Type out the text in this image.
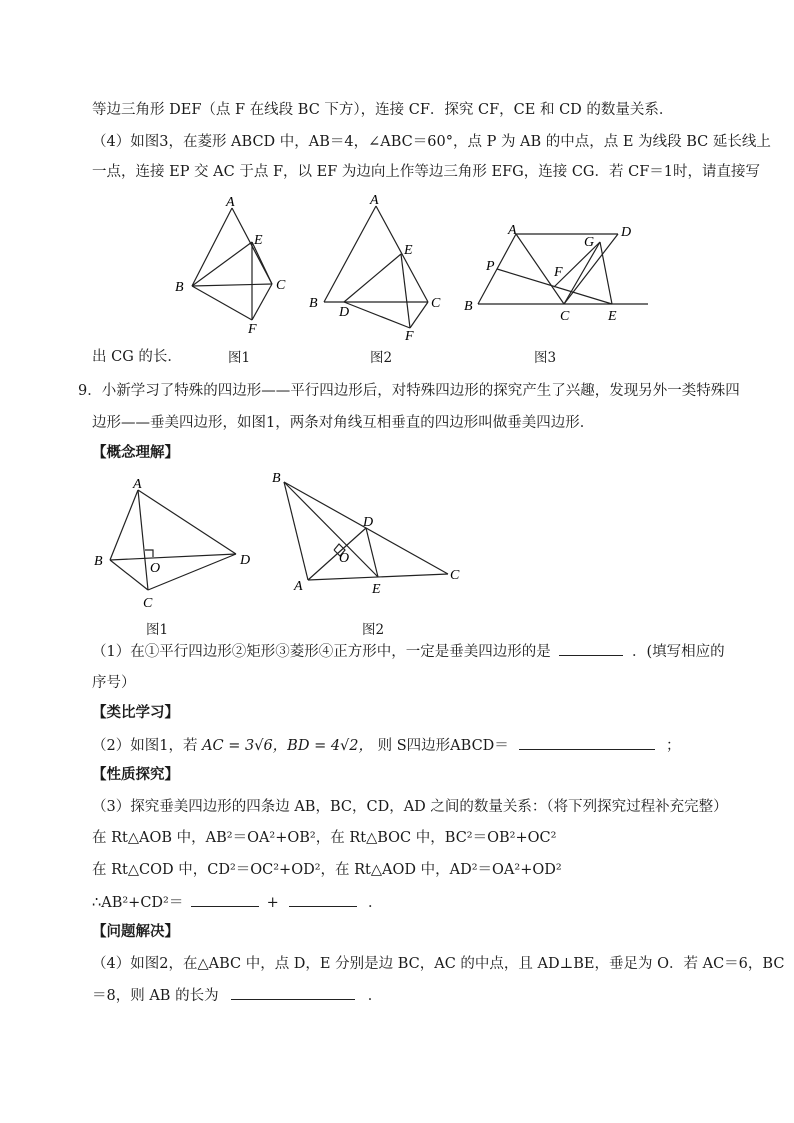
等边三角形 DEF（点 F 在线段 BC 下方），连接 CF．探究 CF，CE 和 CD 的数量关系．
（4）如图3，在菱形 ABCD 中，AB＝4，∠ABC＝60°，点 P 为 AB 的中点，点 E 为线段 BC 延长线上
一点，连接 EP 交 AC 于点 F，以 EF 为边向上作等边三角形 EFG，连接 CG．若 CF＝1时，请直接写
A
B	C
E
F
图1
A
B	C
D
E
F
图2
A
B
C
D
E
F
G
P
图3
出 CG 的长．
9．小新学习了特殊的四边形——平行四边形后，对特殊四边形的探究产生了兴趣，发现另外一类特殊四
边形——垂美四边形，如图1，两条对角线互相垂直的四边形叫做垂美四边形．
【概念理解】
A
B
C
D
O
图1
B
A
C
D
E
O
图2
（1）在①平行四边形②矩形③菱形④正方形中，一定是垂美四边形的是	．(填写相应的
序号）
【类比学习】
（2）如图1，若 AC = 3√6，BD = 4√2， 则 S四边形ABCD＝	；
【性质探究】
（3）探究垂美四边形的四条边 AB，BC，CD，AD 之间的数量关系：（将下列探究过程补充完整）
在 Rt△AOB 中，AB²＝OA²+OB²，在 Rt△BOC 中，BC²＝OB²+OC²
在 Rt△COD 中，CD²＝OC²+OD²，在 Rt△AOD 中，AD²＝OA²+OD²
∴AB²+CD²＝	+	．
【问题解决】
（4）如图2，在△ABC 中，点 D，E 分别是边 BC，AC 的中点，且 AD⊥BE，垂足为 O．若 AC＝6，BC
＝8，则 AB 的长为	．
